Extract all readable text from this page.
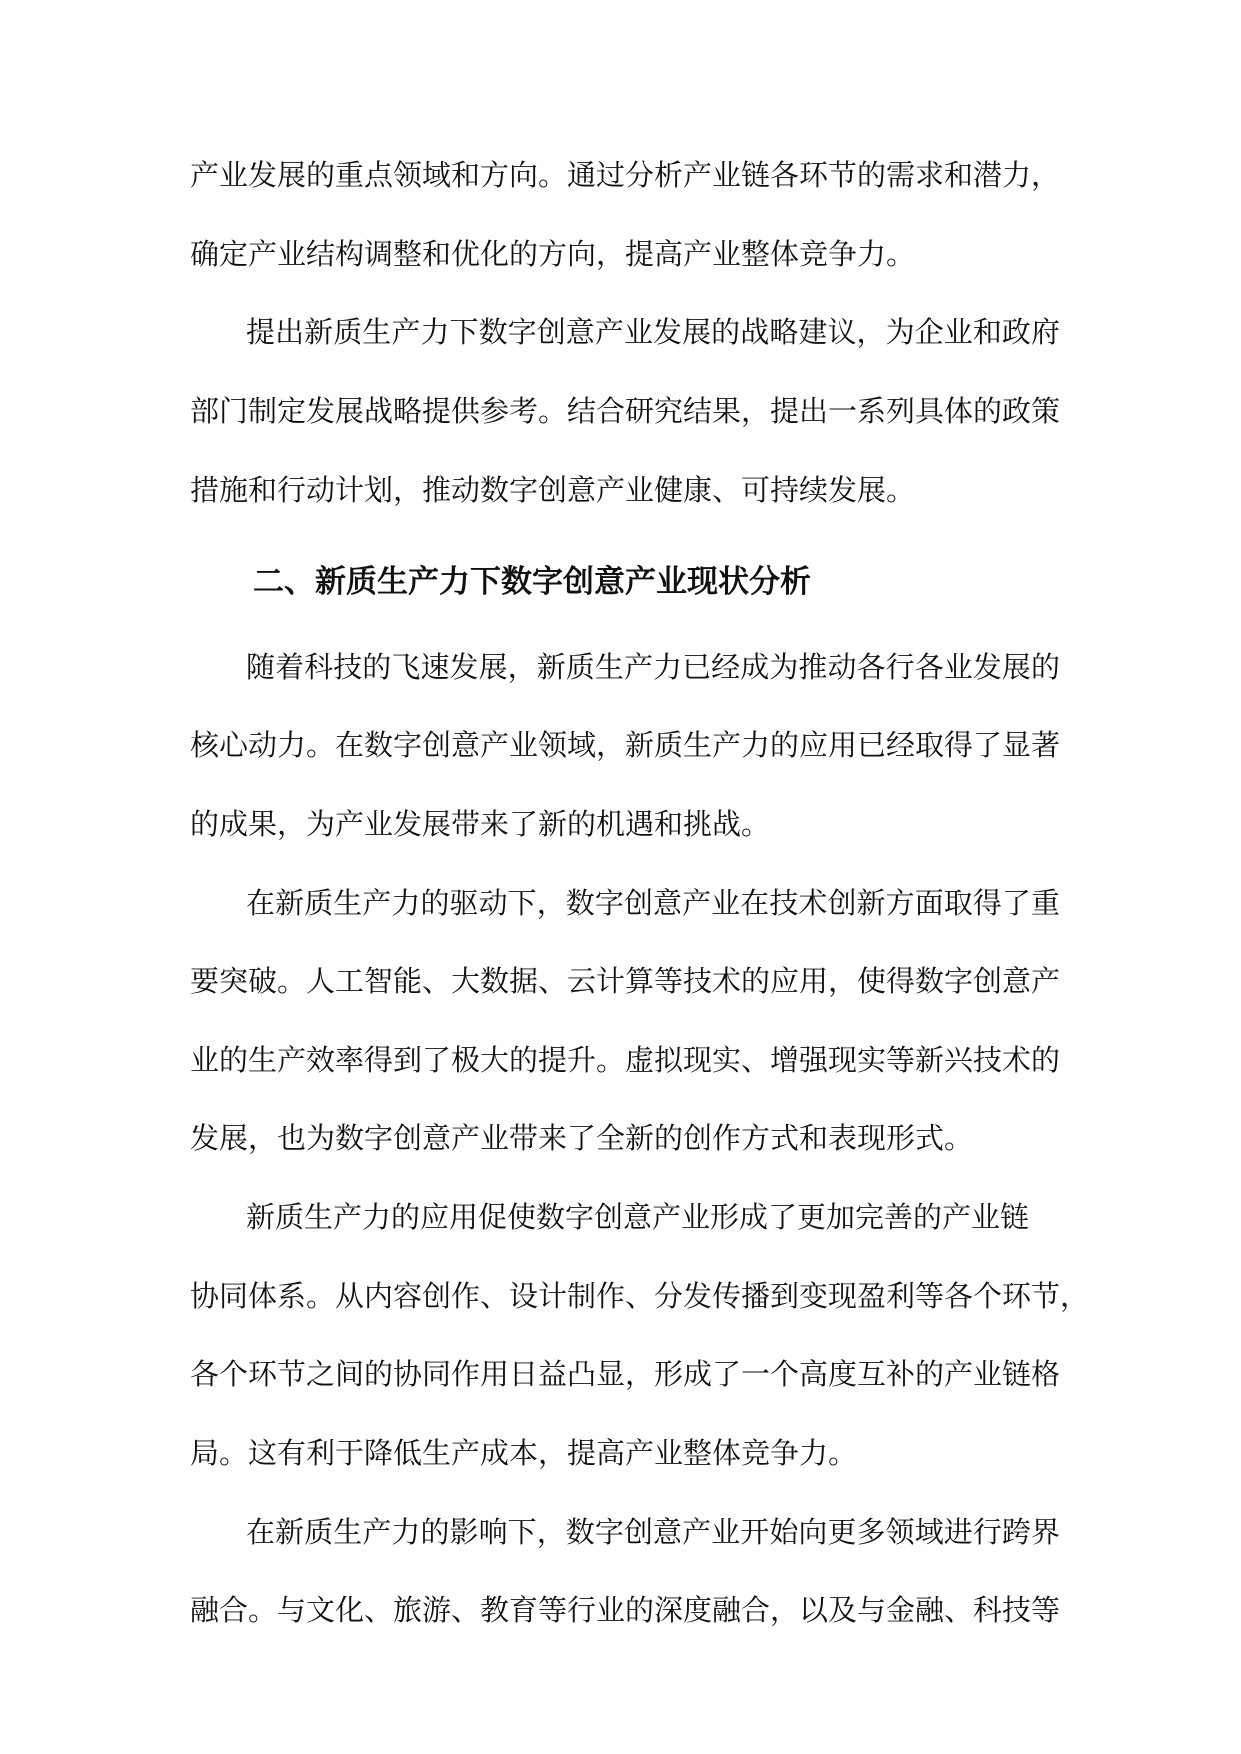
产业发展的重点领域和方向。通过分析产业链各环节的需求和潜力，
确定产业结构调整和优化的方向，提高产业整体竞争力。
提出新质生产力下数字创意产业发展的战略建议，为企业和政府
部门制定发展战略提供参考。结合研究结果，提出一系列具体的政策
措施和行动计划，推动数字创意产业健康、可持续发展。
二、新质生产力下数字创意产业现状分析
随着科技的飞速发展，新质生产力已经成为推动各行各业发展的
核心动力。在数字创意产业领域，新质生产力的应用已经取得了显著
的成果，为产业发展带来了新的机遇和挑战。
在新质生产力的驱动下，数字创意产业在技术创新方面取得了重
要突破。人工智能、大数据、云计算等技术的应用，使得数字创意产
业的生产效率得到了极大的提升。虚拟现实、增强现实等新兴技术的
发展，也为数字创意产业带来了全新的创作方式和表现形式。
新质生产力的应用促使数字创意产业形成了更加完善的产业链
协同体系。从内容创作、设计制作、分发传播到变现盈利等各个环节，
各个环节之间的协同作用日益凸显，形成了一个高度互补的产业链格
局。这有利于降低生产成本，提高产业整体竞争力。
在新质生产力的影响下，数字创意产业开始向更多领域进行跨界
融合。与文化、旅游、教育等行业的深度融合，以及与金融、科技等
